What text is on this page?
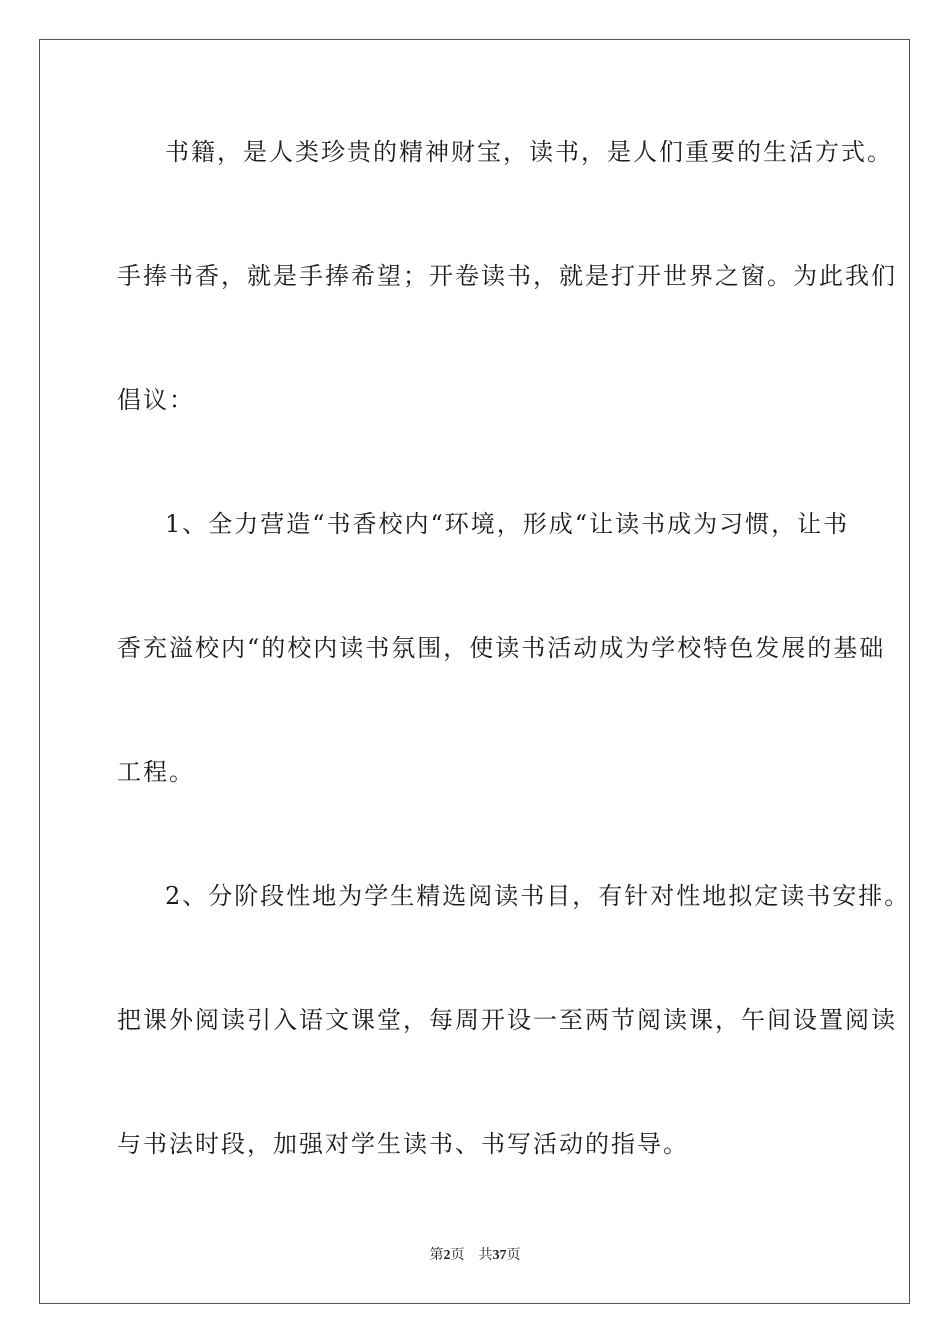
书籍，是人类珍贵的精神财宝，读书，是人们重要的生活方式。
手捧书香，就是手捧希望；开卷读书，就是打开世界之窗。为此我们
倡议：
1、全力营造“书香校内“环境，形成“让读书成为习惯，让书
香充溢校内“的校内读书氛围，使读书活动成为学校特色发展的基础
工程。
2、分阶段性地为学生精选阅读书目，有针对性地拟定读书安排。
把课外阅读引入语文课堂，每周开设一至两节阅读课，午间设置阅读
与书法时段，加强对学生读书、书写活动的指导。
第2页 共37页
